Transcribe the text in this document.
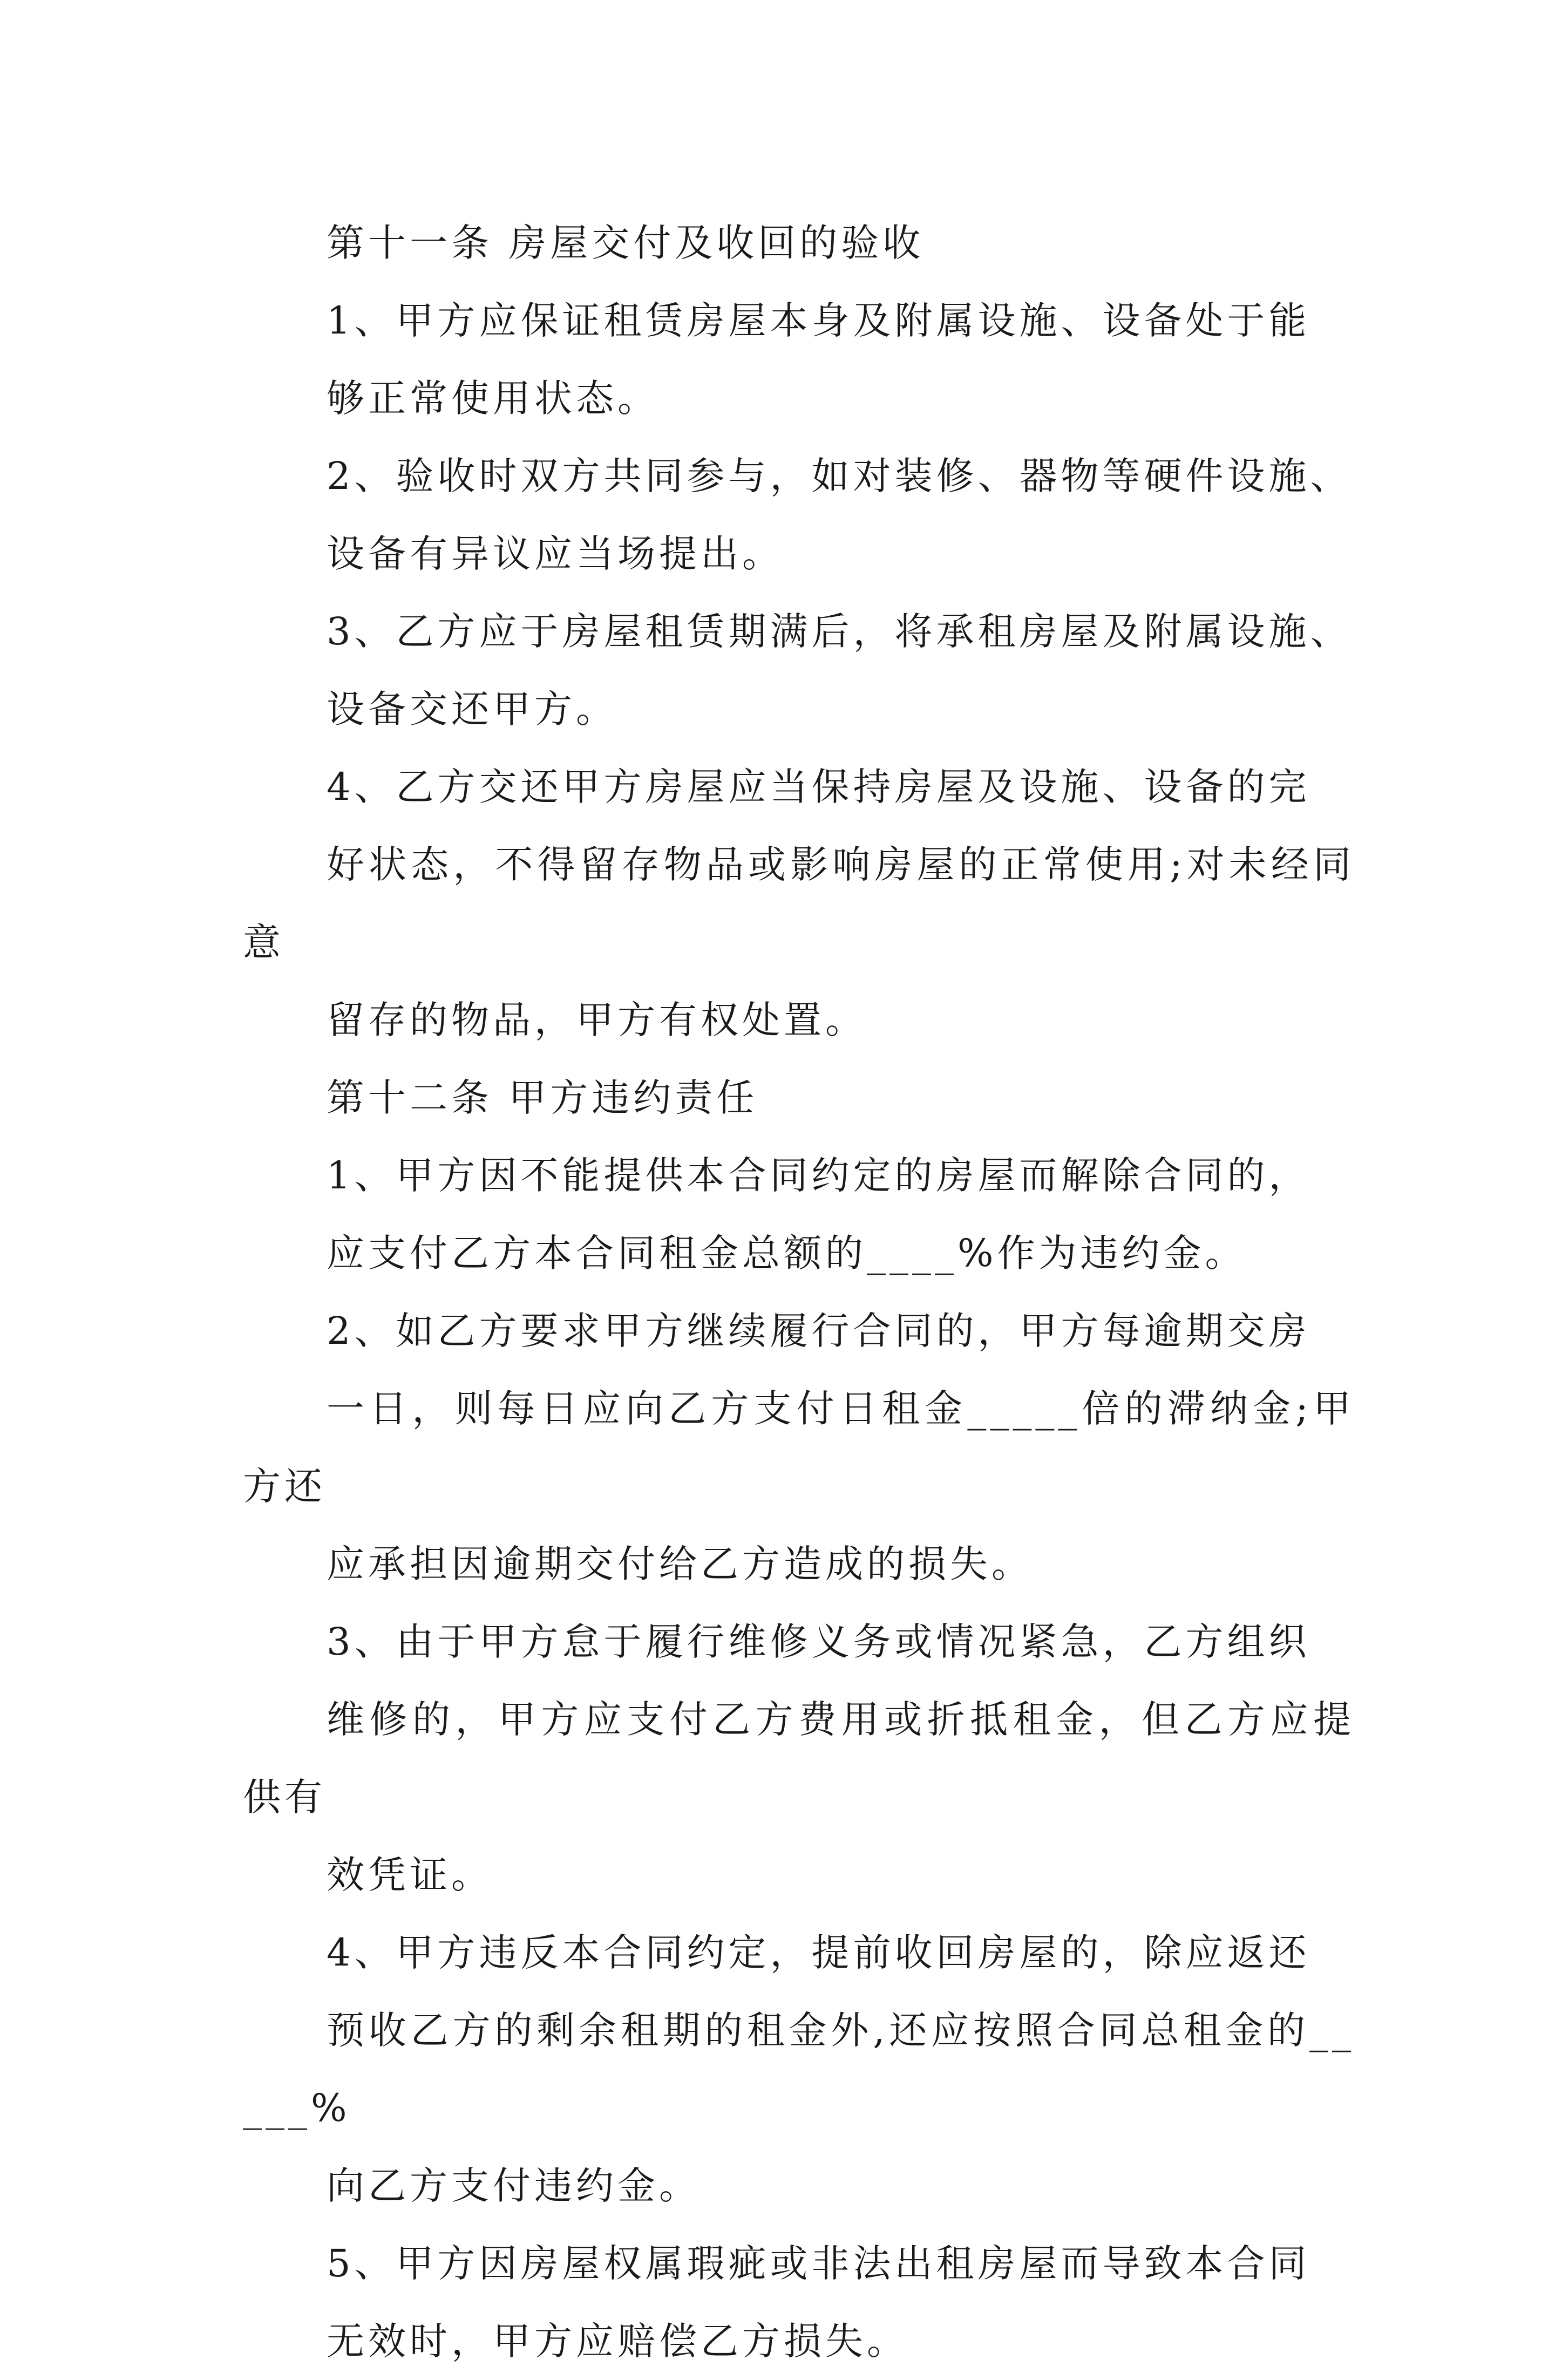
第十一条 房屋交付及收回的验收

1、甲方应保证租赁房屋本身及附属设施、设备处于能
够正常使用状态。

2、验收时双方共同参与，如对装修、器物等硬件设施、
设备有异议应当场提出。

3、乙方应于房屋租赁期满后，将承租房屋及附属设施、
设备交还甲方。

4、乙方交还甲方房屋应当保持房屋及设施、设备的完
好状态，不得留存物品或影响房屋的正常使用;对未经同意
留存的物品，甲方有权处置。

第十二条 甲方违约责任

1、甲方因不能提供本合同约定的房屋而解除合同的，
应支付乙方本合同租金总额的____%作为违约金。

2、如乙方要求甲方继续履行合同的，甲方每逾期交房
一日，则每日应向乙方支付日租金_____倍的滞纳金;甲方还
应承担因逾期交付给乙方造成的损失。

3、由于甲方怠于履行维修义务或情况紧急，乙方组织
维修的，甲方应支付乙方费用或折抵租金，但乙方应提供有
效凭证。

4、甲方违反本合同约定，提前收回房屋的，除应返还
预收乙方的剩余租期的租金外,还应按照合同总租金的_____%
向乙方支付违约金。

5、甲方因房屋权属瑕疵或非法出租房屋而导致本合同
无效时，甲方应赔偿乙方损失。
